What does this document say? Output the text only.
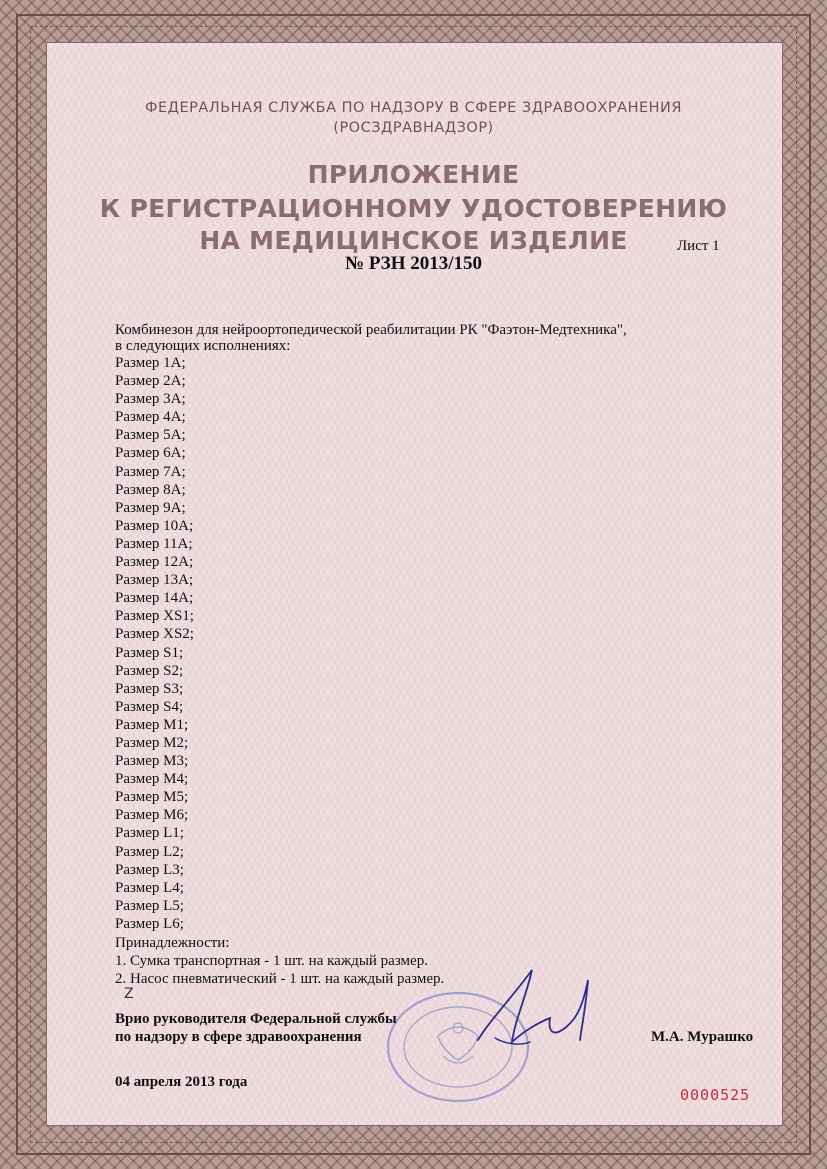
ФЕДЕРАЛЬНАЯ СЛУЖБА ПО НАДЗОРУ В СФЕРЕ ЗДРАВООХРАНЕНИЯ
(РОСЗДРАВНАДЗОР)
ПРИЛОЖЕНИЕ
К РЕГИСТРАЦИОННОМУ УДОСТОВЕРЕНИЮ
НА МЕДИЦИНСКОЕ ИЗДЕЛИЕ
№ РЗН 2013/150
Лист 1
Комбинезон для нейроортопедической реабилитации РК "Фаэтон-Медтехника",
в следующих исполнениях:
Размер 1А;
Размер 2А;
Размер 3А;
Размер 4А;
Размер 5А;
Размер 6А;
Размер 7А;
Размер 8А;
Размер 9А;
Размер 10А;
Размер 11А;
Размер 12А;
Размер 13А;
Размер 14А;
Размер XS1;
Размер XS2;
Размер S1;
Размер S2;
Размер S3;
Размер S4;
Размер M1;
Размер M2;
Размер M3;
Размер M4;
Размер M5;
Размер M6;
Размер L1;
Размер L2;
Размер L3;
Размер L4;
Размер L5;
Размер L6;
Принадлежности:
1. Сумка транспортная - 1 шт. на каждый размер.
2. Насос пневматический - 1 шт. на каждый размер.
Z
Врио руководителя Федеральной службы
по надзору в сфере здравоохранения	М.А. Мурашко
04 апреля 2013 года
0000525
